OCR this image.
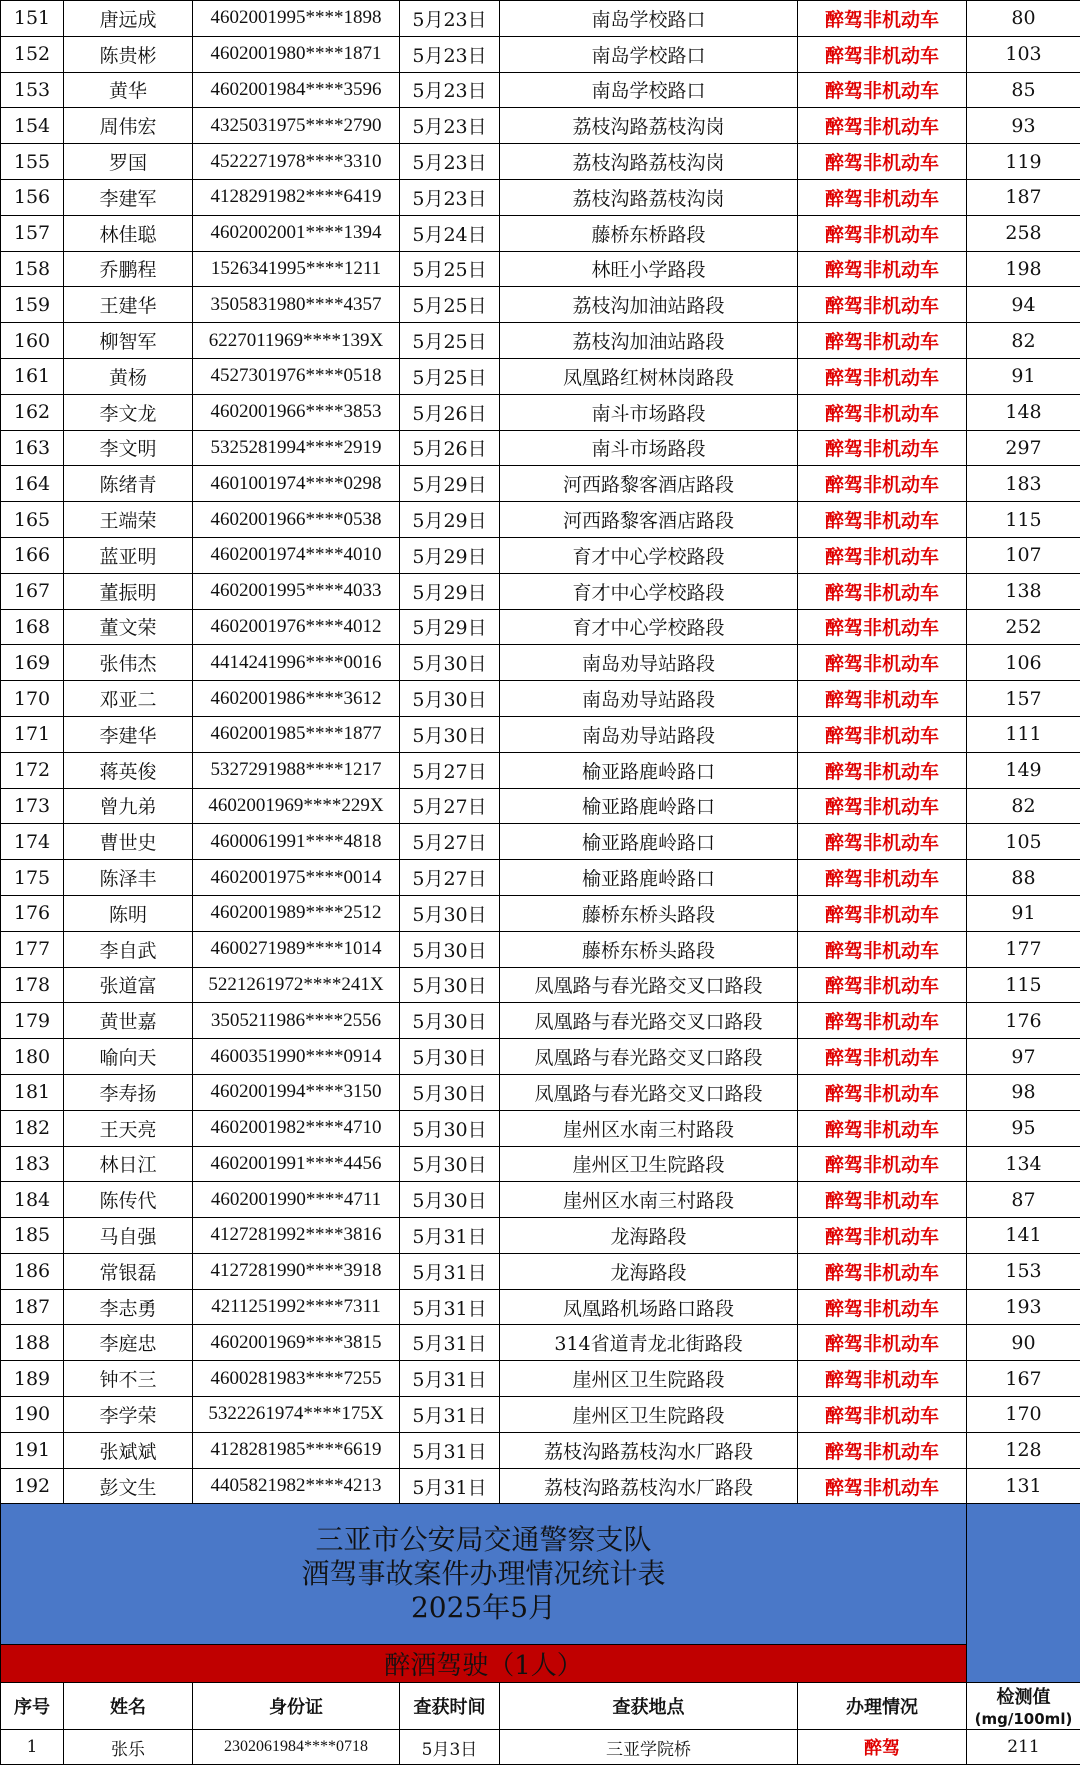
151	唐远成	4602001995****1898	5月23日	南岛学校路口	醉驾非机动车	80
152	陈贵彬	4602001980****1871	5月23日	南岛学校路口	醉驾非机动车	103
153	黄华	4602001984****3596	5月23日	南岛学校路口	醉驾非机动车	85
154	周伟宏	4325031975****2790	5月23日	荔枝沟路荔枝沟岗	醉驾非机动车	93
155	罗国	4522271978****3310	5月23日	荔枝沟路荔枝沟岗	醉驾非机动车	119
156	李建军	4128291982****6419	5月23日	荔枝沟路荔枝沟岗	醉驾非机动车	187
157	林佳聪	4602002001****1394	5月24日	藤桥东桥路段	醉驾非机动车	258
158	乔鹏程	1526341995****1211	5月25日	林旺小学路段	醉驾非机动车	198
159	王建华	3505831980****4357	5月25日	荔枝沟加油站路段	醉驾非机动车	94
160	柳智军	6227011969****139X	5月25日	荔枝沟加油站路段	醉驾非机动车	82
161	黄杨	4527301976****0518	5月25日	凤凰路红树林岗路段	醉驾非机动车	91
162	李文龙	4602001966****3853	5月26日	南斗市场路段	醉驾非机动车	148
163	李文明	5325281994****2919	5月26日	南斗市场路段	醉驾非机动车	297
164	陈绪青	4601001974****0298	5月29日	河西路黎客酒店路段	醉驾非机动车	183
165	王端荣	4602001966****0538	5月29日	河西路黎客酒店路段	醉驾非机动车	115
166	蓝亚明	4602001974****4010	5月29日	育才中心学校路段	醉驾非机动车	107
167	董振明	4602001995****4033	5月29日	育才中心学校路段	醉驾非机动车	138
168	董文荣	4602001976****4012	5月29日	育才中心学校路段	醉驾非机动车	252
169	张伟杰	4414241996****0016	5月30日	南岛劝导站路段	醉驾非机动车	106
170	邓亚二	4602001986****3612	5月30日	南岛劝导站路段	醉驾非机动车	157
171	李建华	4602001985****1877	5月30日	南岛劝导站路段	醉驾非机动车	111
172	蒋英俊	5327291988****1217	5月27日	榆亚路鹿岭路口	醉驾非机动车	149
173	曾九弟	4602001969****229X	5月27日	榆亚路鹿岭路口	醉驾非机动车	82
174	曹世史	4600061991****4818	5月27日	榆亚路鹿岭路口	醉驾非机动车	105
175	陈泽丰	4602001975****0014	5月27日	榆亚路鹿岭路口	醉驾非机动车	88
176	陈明	4602001989****2512	5月30日	藤桥东桥头路段	醉驾非机动车	91
177	李自武	4600271989****1014	5月30日	藤桥东桥头路段	醉驾非机动车	177
178	张道富	5221261972****241X	5月30日	凤凰路与春光路交叉口路段	醉驾非机动车	115
179	黄世嘉	3505211986****2556	5月30日	凤凰路与春光路交叉口路段	醉驾非机动车	176
180	喻向天	4600351990****0914	5月30日	凤凰路与春光路交叉口路段	醉驾非机动车	97
181	李寿扬	4602001994****3150	5月30日	凤凰路与春光路交叉口路段	醉驾非机动车	98
182	王天亮	4602001982****4710	5月30日	崖州区水南三村路段	醉驾非机动车	95
183	林日江	4602001991****4456	5月30日	崖州区卫生院路段	醉驾非机动车	134
184	陈传代	4602001990****4711	5月30日	崖州区水南三村路段	醉驾非机动车	87
185	马自强	4127281992****3816	5月31日	龙海路段	醉驾非机动车	141
186	常银磊	4127281990****3918	5月31日	龙海路段	醉驾非机动车	153
187	李志勇	4211251992****7311	5月31日	凤凰路机场路口路段	醉驾非机动车	193
188	李庭忠	4602001969****3815	5月31日	314省道青龙北街路段	醉驾非机动车	90
189	钟不三	4600281983****7255	5月31日	崖州区卫生院路段	醉驾非机动车	167
190	李学荣	5322261974****175X	5月31日	崖州区卫生院路段	醉驾非机动车	170
191	张斌斌	4128281985****6619	5月31日	荔枝沟路荔枝沟水厂路段	醉驾非机动车	128
192	彭文生	4405821982****4213	5月31日	荔枝沟路荔枝沟水厂路段	醉驾非机动车	131

三亚市公安局交通警察支队
酒驾事故案件办理情况统计表
2025年5月						

醉酒驾驶（1人）						
序号	姓名	身份证	查获时间	查获地点	办理情况	检测值
(mg/100ml)

1	张乐	2302061984****0718	5月3日	三亚学院桥	醉驾	211
